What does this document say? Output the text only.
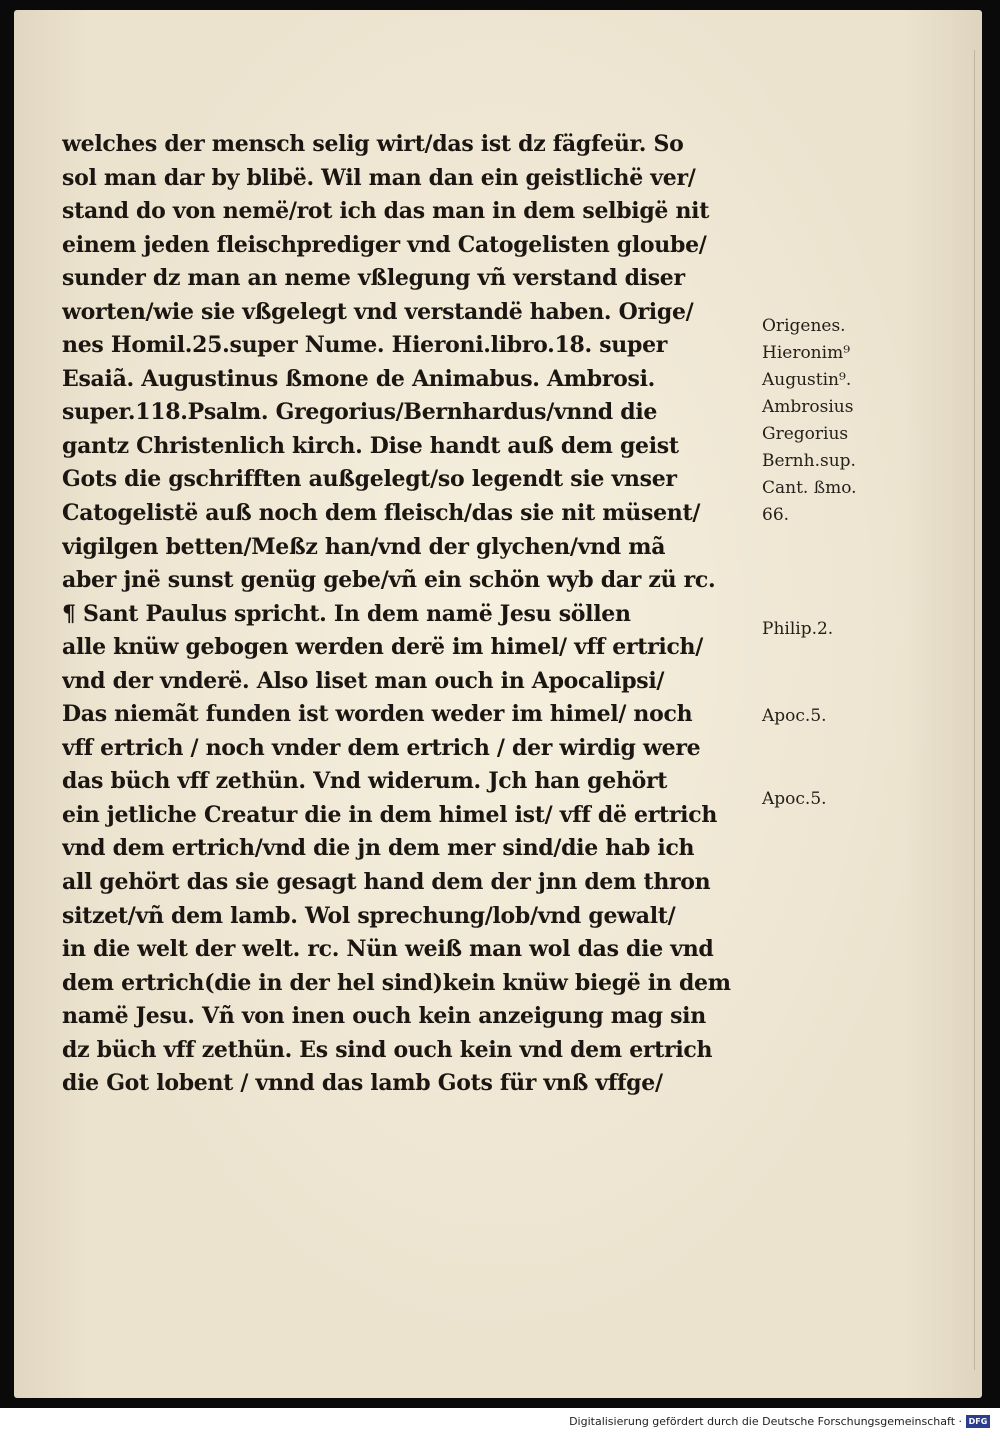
welches der mensch selig wirt/das ist dz fägfeür. So
sol man dar by blibë. Wil man dan ein geistlichë ver/
stand do von nemë/rot ich das man in dem selbigë nit
einem jeden fleischprediger vnd Catogelisten gloube/
sunder dz man an neme vßlegung vñ verstand diser
worten/wie sie vßgelegt vnd verstandë haben. Orige/
nes Homil.25.super Nume. Hieroni.libro.18. super
Esaiã. Augustinus ßmone de Animabus. Ambrosi.
super.118.Psalm. Gregorius/Bernhardus/vnnd die
gantz Christenlich kirch. Dise handt auß dem geist
Gots die gschrifften außgelegt/so legendt sie vnser
Catogelistë auß noch dem fleisch/das sie nit müsent/
vigilgen betten/Meßz han/vnd der glychen/vnd mã
aber jnë sunst genüg gebe/vñ ein schön wyb dar zü rc.
¶ Sant Paulus spricht. In dem namë Jesu söllen
alle knüw gebogen werden derë im himel/ vff ertrich/
vnd der vnderë. Also liset man ouch in Apocalipsi/
Das niemãt funden ist worden weder im himel/ noch
vff ertrich / noch vnder dem ertrich / der wirdig were
das büch vff zethün. Vnd widerum. Jch han gehört
ein jetliche Creatur die in dem himel ist/ vff dë ertrich
vnd dem ertrich/vnd die jn dem mer sind/die hab ich
all gehört das sie gesagt hand dem der jnn dem thron
sitzet/vñ dem lamb. Wol sprechung/lob/vnd gewalt/
in die welt der welt. rc. Nün weiß man wol das die vnd
dem ertrich(die in der hel sind)kein knüw biegë in dem
namë Jesu. Vñ von inen ouch kein anzeigung mag sin
dz büch vff zethün. Es sind ouch kein vnd dem ertrich
die Got lobent / vnnd das lamb Gots für vnß vffge/
Origenes.
Hieronim⁹
Augustin⁹.
Ambrosius
Gregorius
Bernh.sup.
Cant. ßmo.
66.
Philip.2.
Apoc.5.
Apoc.5.
Digitalisierung gefördert durch die Deutsche Forschungsgemeinschaft · DFG
